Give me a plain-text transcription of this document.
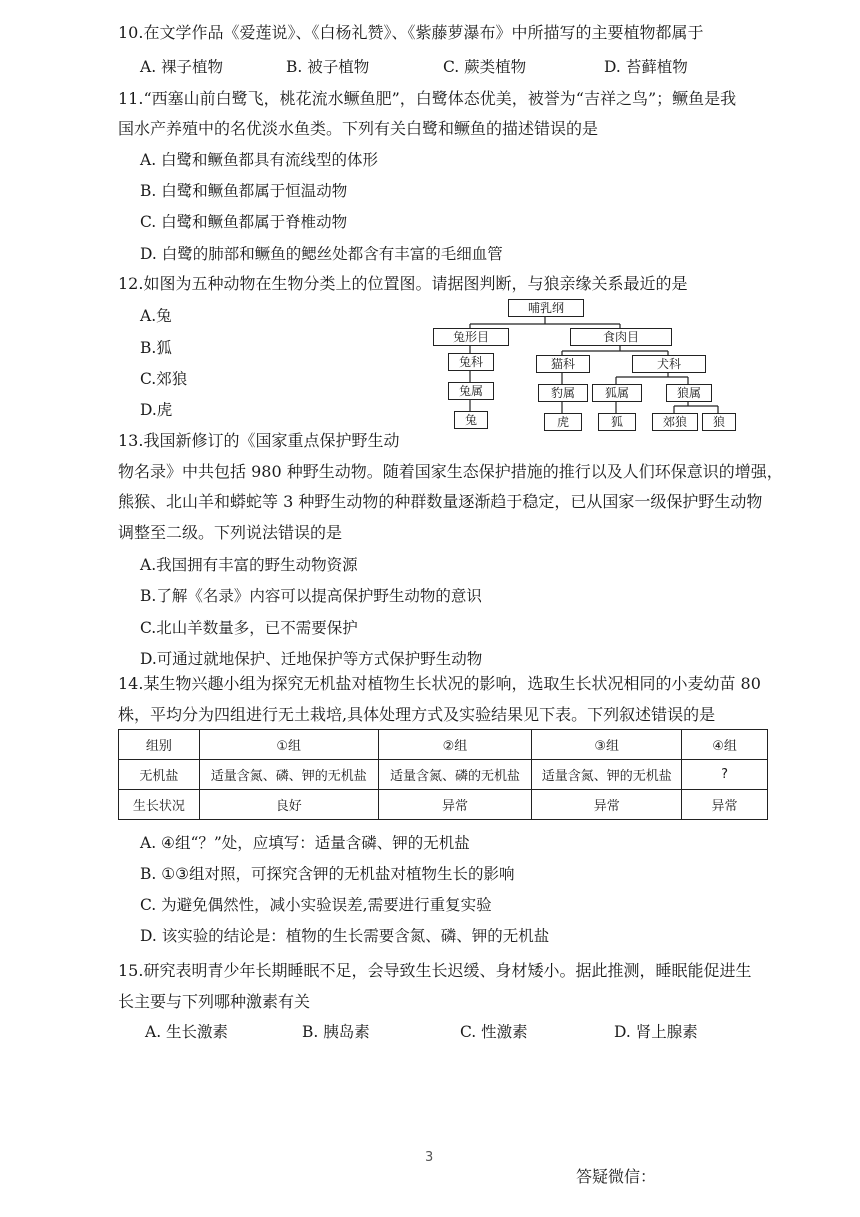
10.在文学作品《爱莲说》、《白杨礼赞》、《紫藤萝瀑布》中所描写的主要植物都属于
A. 裸子植物	B. 被子植物	C. 蕨类植物	D. 苔藓植物
11.“西塞山前白鹭飞，桃花流水鳜鱼肥”，白鹭体态优美，被誉为“吉祥之鸟”；鳜鱼是我
国水产养殖中的名优淡水鱼类。下列有关白鹭和鳜鱼的描述错误的是
A. 白鹭和鳜鱼都具有流线型的体形
B. 白鹭和鳜鱼都属于恒温动物
C. 白鹭和鳜鱼都属于脊椎动物
D. 白鹭的肺部和鳜鱼的鳃丝处都含有丰富的毛细血管
12.如图为五种动物在生物分类上的位置图。请据图判断，与狼亲缘关系最近的是
A.兔
B.狐
C.郊狼
D.虎
哺乳纲
兔形目	食肉目
兔科	猫科	犬科
兔属	豹属	狐属	狼属
兔	虎	狐	郊狼	狼
13.我国新修订的《国家重点保护野生动
物名录》中共包括 980 种野生动物。随着国家生态保护措施的推行以及人们环保意识的增强，
熊猴、北山羊和蟒蛇等 3 种野生动物的种群数量逐渐趋于稳定，已从国家一级保护野生动物
调整至二级。下列说法错误的是
A.我国拥有丰富的野生动物资源
B.了解《名录》内容可以提高保护野生动物的意识
C.北山羊数量多，已不需要保护
D.可通过就地保护、迁地保护等方式保护野生动物
14.某生物兴趣小组为探究无机盐对植物生长状况的影响，选取生长状况相同的小麦幼苗 80
株，平均分为四组进行无土栽培,具体处理方式及实验结果见下表。下列叙述错误的是
组别	①组	②组	③组	④组
无机盐	适量含氮、磷、钾的无机盐	适量含氮、磷的无机盐	适量含氮、钾的无机盐	?
生长状况	良好	异常	异常	异常
A. ④组“？”处，应填写：适量含磷、钾的无机盐
B. ①③组对照，可探究含钾的无机盐对植物生长的影响
C. 为避免偶然性，减小实验误差,需要进行重复实验
D. 该实验的结论是：植物的生长需要含氮、磷、钾的无机盐
15.研究表明青少年长期睡眠不足，会导致生长迟缓、身材矮小。据此推测，睡眠能促进生
长主要与下列哪种激素有关
A. 生长激素	B. 胰岛素	C. 性激素	D. 肾上腺素
3
答疑微信：
